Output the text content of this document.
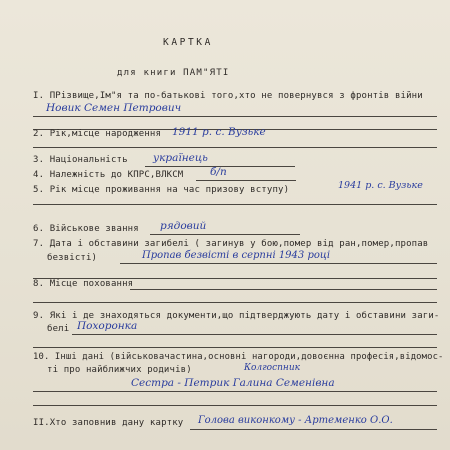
КАРТКА
для книги ПАМ"ЯТІ
І. ПРізвище,Ім"я та по-батькові того,хто не повернувся з фронтів війни
Новик Семен Петрович
2. Рік,місце народження 1911 р. с. Вузьке
3. Національність українець
4. Належність до КПРС,ВЛКСМ	б/п
5. Рік місце проживання на час призову вступу)	1941 р. с. Вузьке
6. Військове звання рядовий
7. Дата і обставини загибелі ( загинув у бою,помер від ран,помер,пропав
безвісті)	Пропав безвісті в серпні 1943 році
8. Місце поховання
9. Які і де знаходяться документи,що підтверджують дату і обставини заги-
белі Похоронка
10. Інші дані (військовачастина,основні нагороди,довоєнна професія,відомос-
ті про найближчих родичів)	Колгоспник
Сестра - Петрик Галина Семенівна
ІІ.Хто заповнив дану картку Голова виконкому - Артеменко О.О.
